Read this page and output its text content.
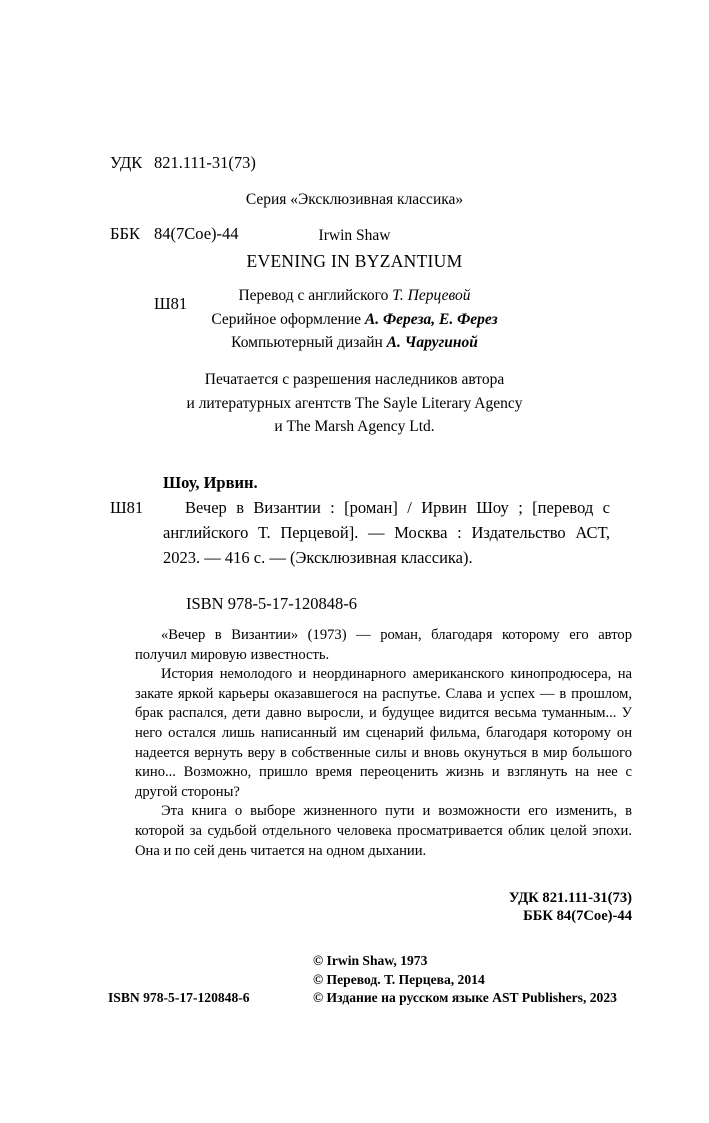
УДК 821.111-31(73)

ББК 84(7Сое)-44

Ш81

Серия «Эксклюзивная классика»
Irwin Shaw
EVENING IN BYZANTIUM
Перевод с английского Т. Перцевой
Серийное оформление А. Фереза, Е. Ферез
Компьютерный дизайн А. Чаругиной
Печатается с разрешения наследников автора
и литературных агентств The Sayle Literary Agency
и The Marsh Agency Ltd.
Шоу, Ирвин.
Ш81	Вечер в Византии : [роман] / Ирвин Шоу ; [перевод с английского Т. Перцевой]. — Москва : Издательство АСТ, 2023. — 416 с. — (Эксклюзивная классика).
ISBN 978-5-17-120848-6

«Вечер в Византии» (1973) — роман, благодаря которому его автор получил мировую известность.

История немолодого и неординарного американского кинопродюсера, на закате яркой карьеры оказавшегося на распутье. Слава и успех — в прошлом, брак распался, дети давно выросли, и будущее видится весьма туманным... У него остался лишь написанный им сценарий фильма, благодаря которому он надеется вернуть веру в собственные силы и вновь окунуться в мир большого кино... Возможно, пришло время переоценить жизнь и взглянуть на нее с другой стороны?

Эта книга о выборе жизненного пути и возможности его изменить, в которой за судьбой отдельного человека просматривается облик целой эпохи. Она и по сей день читается на одном дыхании.

УДК 821.111-31(73)
ББК 84(7Сое)-44
ISBN 978-5-17-120848-6
© Irwin Shaw, 1973
© Перевод. Т. Перцева, 2014
© Издание на русском языке AST Publishers, 2023
